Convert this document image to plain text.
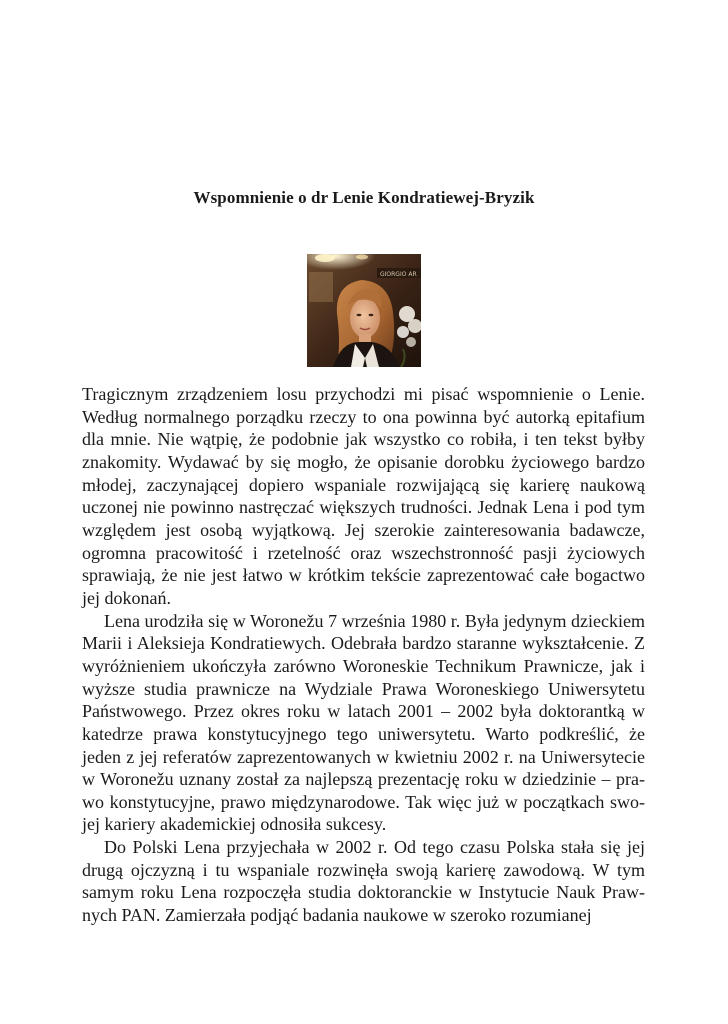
Wspomnienie o dr Lenie Kondratiewej-Bryzik
GIORGIO AR

Tragicznym zrządzeniem losu przychodzi mi pisać wspomnienie o Lenie. Według normalnego porządku rzeczy to ona powinna być autorką epitafium dla mnie. Nie wątpię, że podobnie jak wszystko co robiła, i ten tekst byłby znakomity. Wydawać by się mogło, że opisanie dorobku życiowego bardzo młodej, zaczynającej dopiero wspaniale rozwijającą się karierę naukową uczonej nie powinno nastręczać większych trudności. Jednak Lena i pod tym względem jest osobą wyjątkową. Jej szerokie zainteresowania badawcze, ogromna pracowitość i rzetelność oraz wszechstronność pasji życiowych sprawiają, że nie jest łatwo w krótkim tekście zaprezentować całe bogactwo jej dokonań.

Lena urodziła się w Woronežu 7 września 1980 r. Była jedynym dzieckiem Marii i Aleksieja Kondratiewych. Odebrała bardzo staranne wykształcenie. Z wyróżnieniem ukończyła zarówno Woroneskie Technikum Prawnicze, jak i wyższe studia prawnicze na Wydziale Prawa Woroneskiego Uniwersytetu Państwowego. Przez okres roku w latach 2001 – 2002 była doktorantką w katedrze prawa konstytucyjnego tego uniwersytetu. Warto podkreślić, że jeden z jej referatów zaprezentowanych w kwietniu 2002 r. na Uniwersytecie w Woronežu uznany został za najlepszą prezentację roku w dziedzinie – prawo konstytucyjne, prawo międzynarodowe. Tak więc już w początkach swojej kariery akademickiej odnosiła sukcesy.

Do Polski Lena przyjechała w 2002 r. Od tego czasu Polska stała się jej drugą ojczyzną i tu wspaniale rozwinęła swoją karierę zawodową. W tym samym roku Lena rozpoczęła studia doktoranckie w Instytucie Nauk Prawnych PAN. Zamierzała podjąć badania naukowe w szeroko rozumianej
